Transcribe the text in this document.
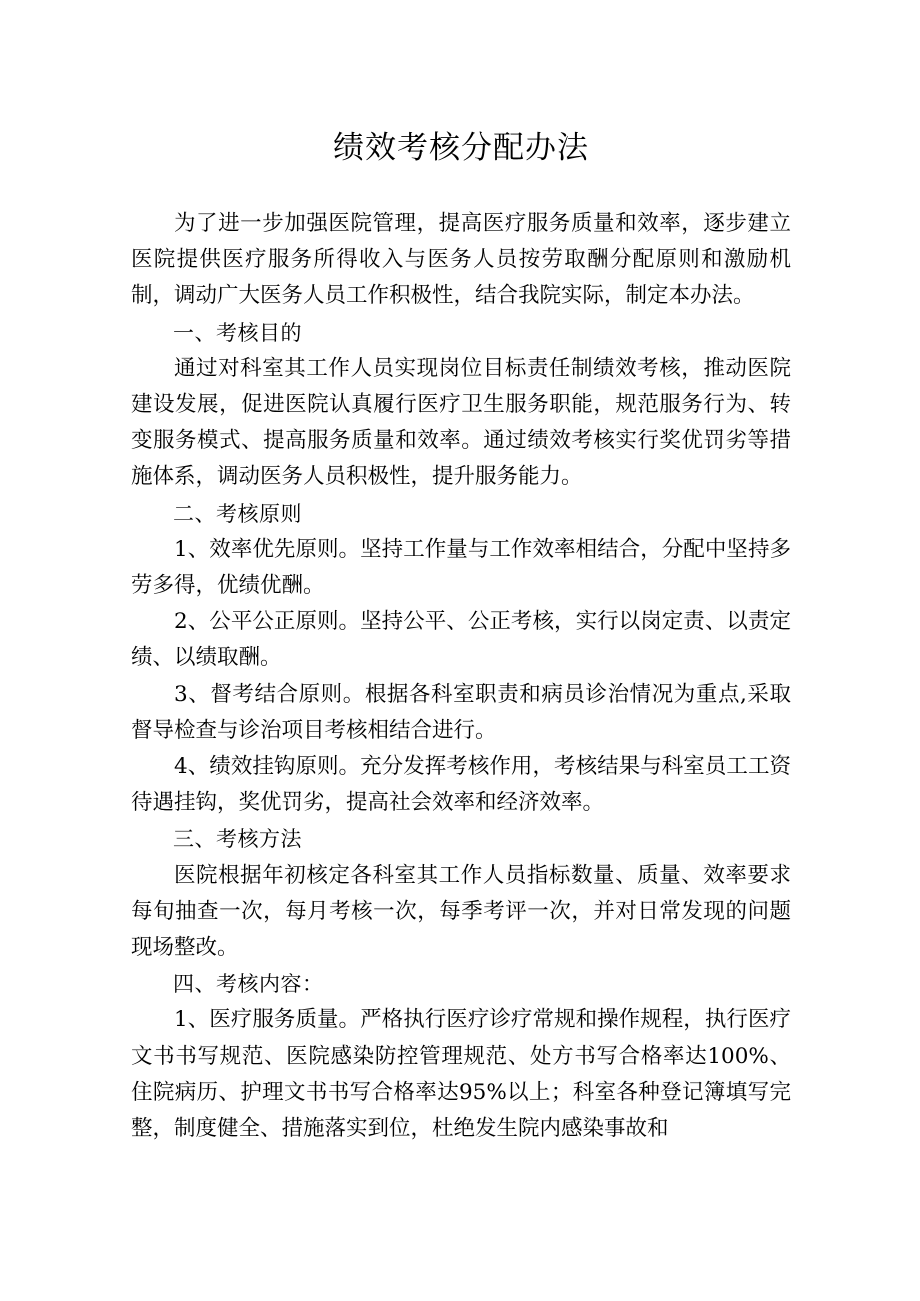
绩效考核分配办法

为了进一步加强医院管理，提高医疗服务质量和效率，逐步建立医院提供医疗服务所得收入与医务人员按劳取酬分配原则和激励机制，调动广大医务人员工作积极性，结合我院实际，制定本办法。

一、考核目的

通过对科室其工作人员实现岗位目标责任制绩效考核，推动医院建设发展，促进医院认真履行医疗卫生服务职能，规范服务行为、转变服务模式、提高服务质量和效率。通过绩效考核实行奖优罚劣等措施体系，调动医务人员积极性，提升服务能力。

二、考核原则

1、效率优先原则。坚持工作量与工作效率相结合，分配中坚持多劳多得，优绩优酬。

2、公平公正原则。坚持公平、公正考核，实行以岗定责、以责定绩、以绩取酬。

3、督考结合原则。根据各科室职责和病员诊治情况为重点,采取督导检查与诊治项目考核相结合进行。

4、绩效挂钩原则。充分发挥考核作用，考核结果与科室员工工资待遇挂钩，奖优罚劣，提高社会效率和经济效率。

三、考核方法

医院根据年初核定各科室其工作人员指标数量、质量、效率要求每旬抽查一次，每月考核一次，每季考评一次，并对日常发现的问题现场整改。

四、考核内容：

1、医疗服务质量。严格执行医疗诊疗常规和操作规程，执行医疗文书书写规范、医院感染防控管理规范、处方书写合格率达100%、住院病历、护理文书书写合格率达95%以上；科室各种登记簿填写完整，制度健全、措施落实到位，杜绝发生院内感染事故和
